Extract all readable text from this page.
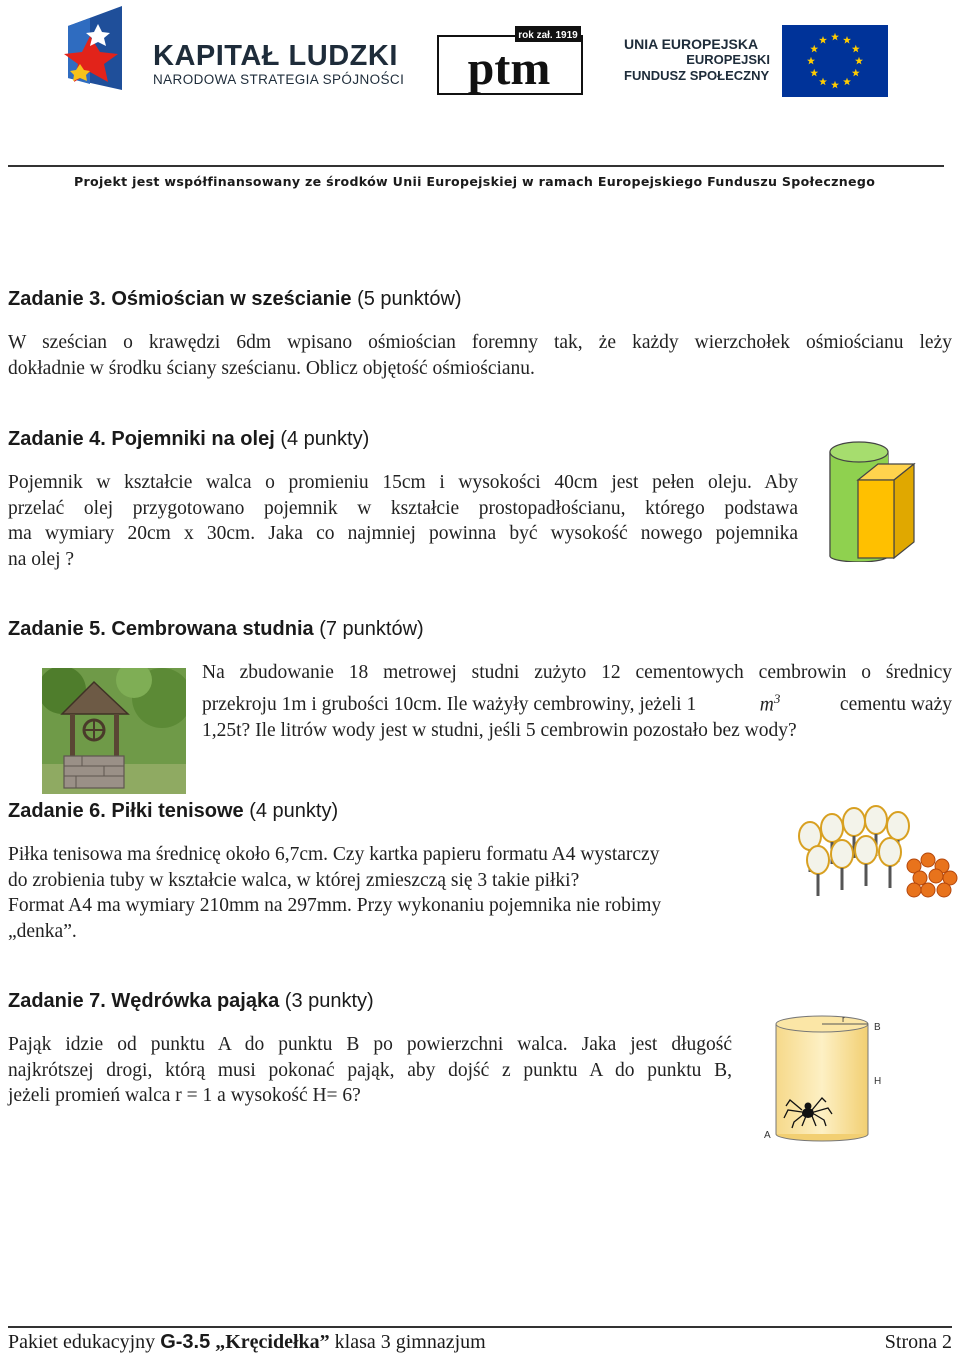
KAPITAŁ LUDZKI
NARODOWA STRATEGIA SPÓJNOŚCI
rok zał. 1919
ptm	UNIA EUROPEJSKA
EUROPEJSKI
FUNDUSZ SPOŁECZNY
Projekt jest współfinansowany ze środków Unii Europejskiej w ramach Europejskiego Funduszu Społecznego
Zadanie 3. Ośmiościan w sześcianie (5 punktów)
W sześcian o krawędzi 6dm wpisano ośmiościan foremny tak, że każdy wierzchołek ośmiościanu leży
dokładnie w środku ściany sześcianu. Oblicz objętość ośmiościanu.
Zadanie 4. Pojemniki na olej (4 punkty)
Pojemnik w kształcie walca o promieniu 15cm i wysokości 40cm jest pełen oleju. Aby
przelać olej przygotowano pojemnik w kształcie prostopadłościanu, którego podstawa
ma wymiary 20cm x 30cm. Jaka co najmniej powinna być wysokość nowego pojemnika
na olej ?
Zadanie 5. Cembrowana studnia (7 punktów)
Na zbudowanie 18 metrowej studni zużyto 12 cementowych cembrowin o średnicy
przekroju 1m i grubości 10cm. Ile ważyły cembrowiny, jeżeli 1	$m^3$	cementu waży
1,25t? Ile litrów wody jest w studni, jeśli 5 cembrowin pozostało bez wody?
Zadanie 6. Piłki tenisowe (4 punkty)
Piłka tenisowa ma średnicę około 6,7cm. Czy kartka papieru formatu A4 wystarczy
do zrobienia tuby w kształcie walca, w której zmieszczą się 3 takie piłki?
Format A4 ma wymiary 210mm na 297mm. Przy wykonaniu pojemnika nie robimy
„denka”.
Zadanie 7. Wędrówka pająka (3 punkty)
Pająk idzie od punktu A do punktu B po powierzchni walca. Jaka jest długość
najkrótszej drogi, którą musi pokonać pająk, aby dojść z punktu A do punktu B,
jeżeli promień walca r = 1 a wysokość H= 6?
r
B
H
A
Pakiet edukacyjny G-3.5 „Kręcidełka” klasa 3 gimnazjum	Strona 2
